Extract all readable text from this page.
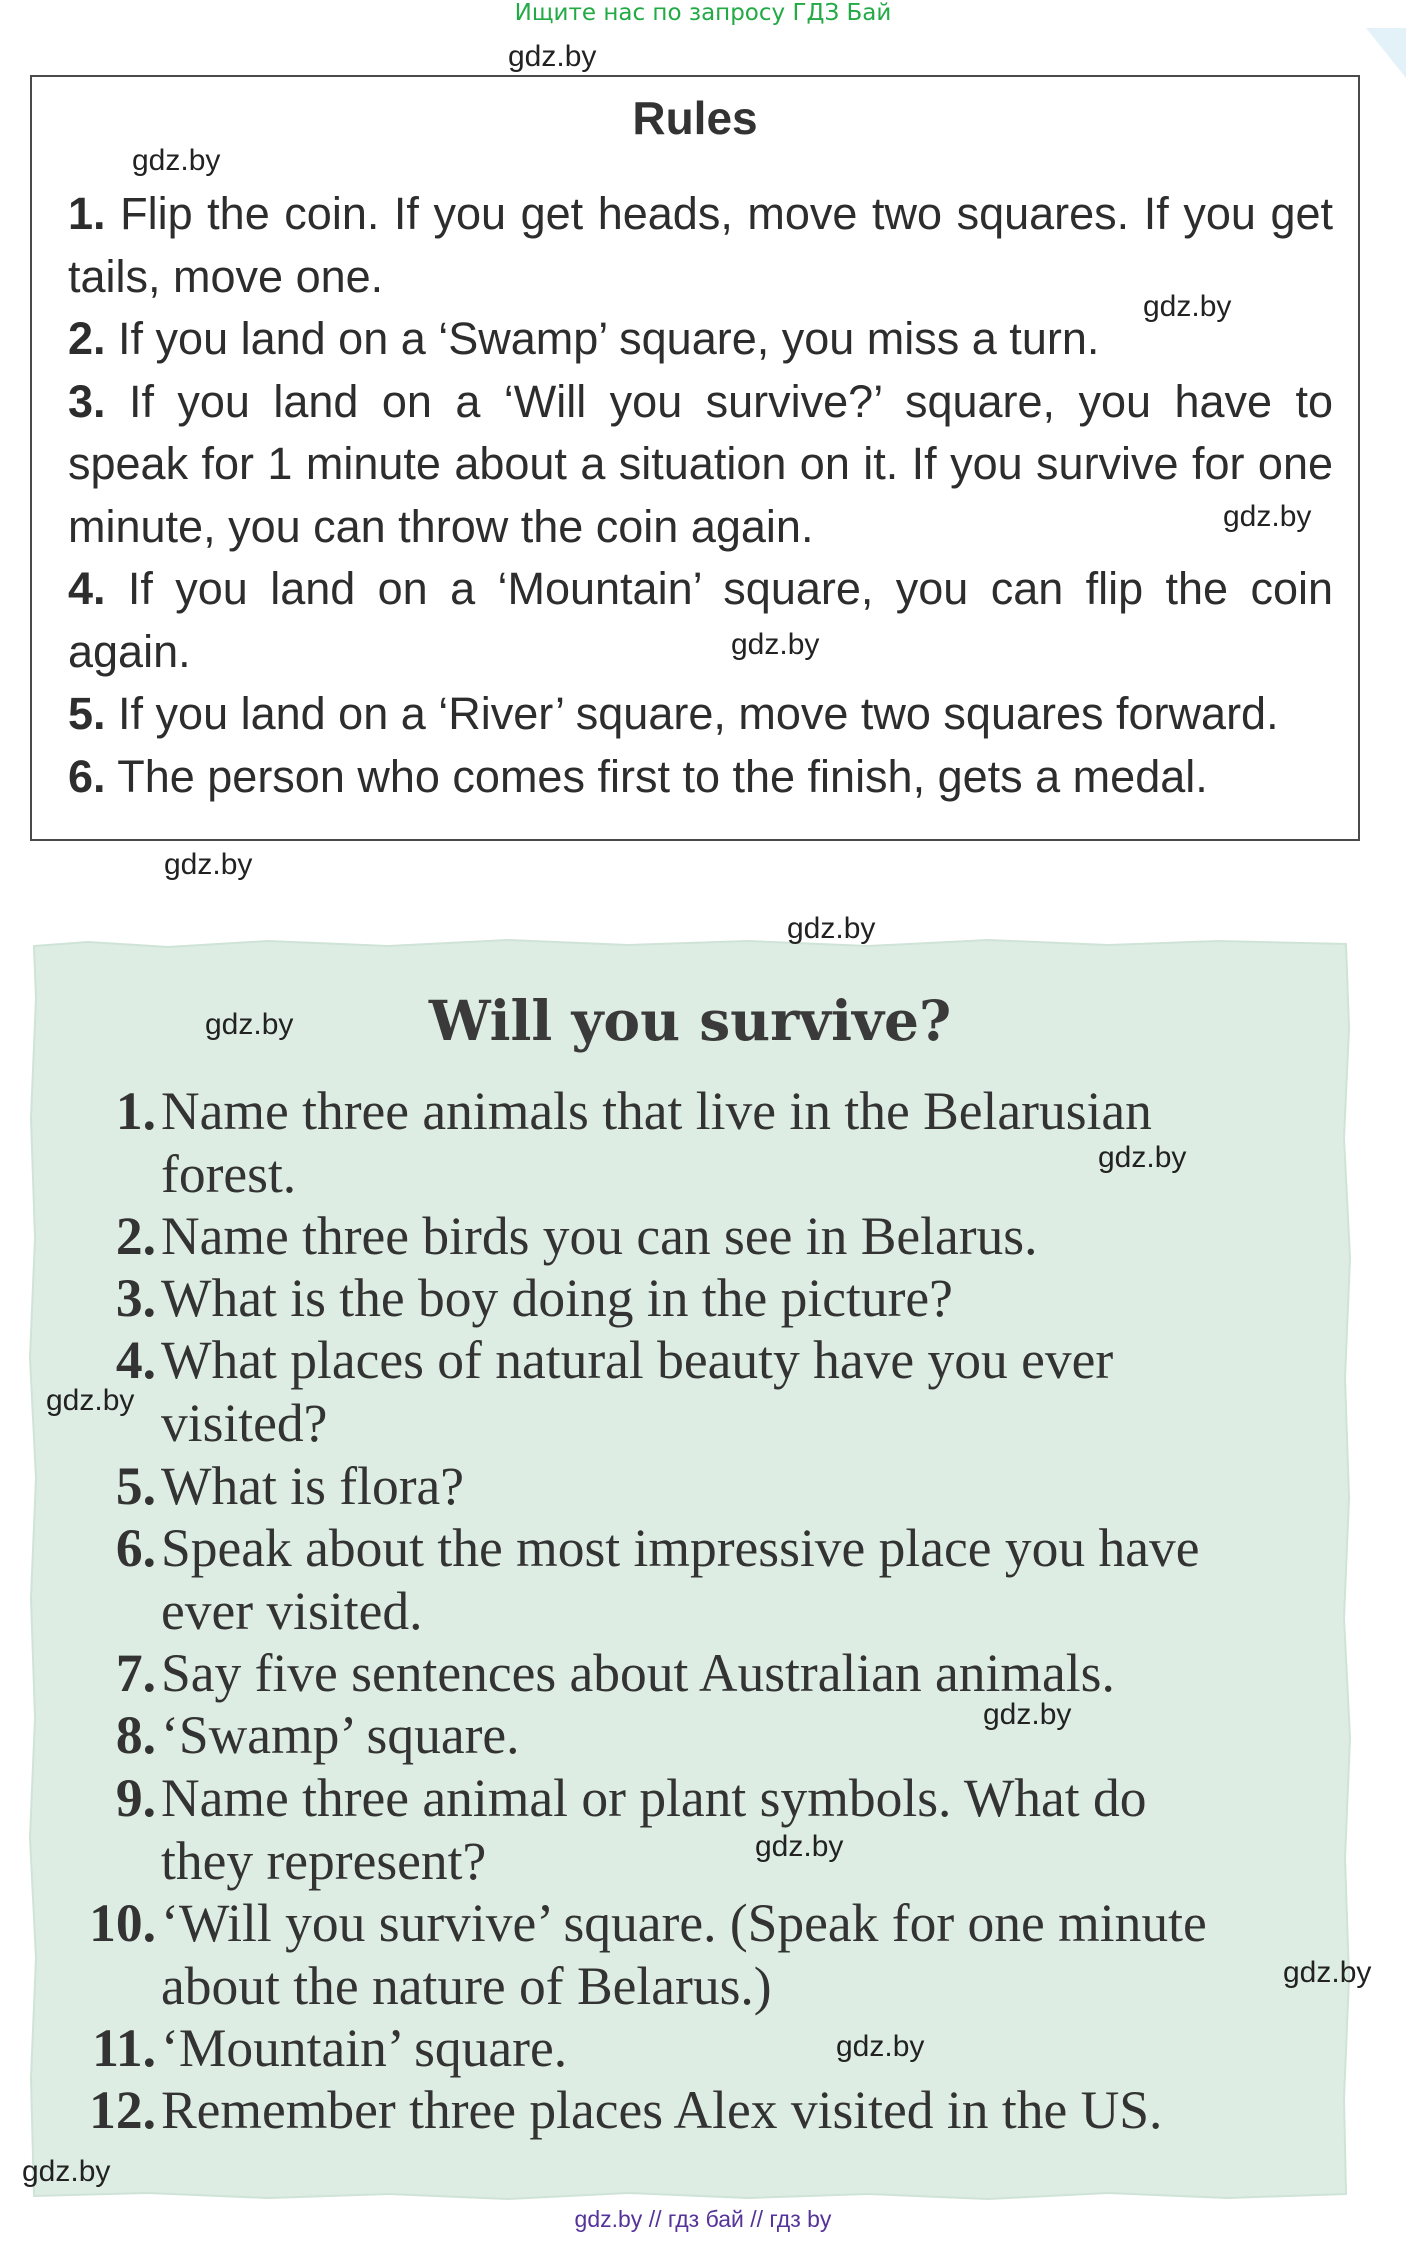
Ищите нас по запросу ГДЗ Бай
Rules
1. Flip the coin. If you get heads, move two squares. If you get tails, move one.
2. If you land on a ‘Swamp’ square, you miss a turn.
3. If you land on a ‘Will you survive?’ square, you have to speak for 1 minute about a situation on it. If you survive for one minute, you can throw the coin again.
4. If you land on a ‘Mountain’ square, you can flip the coin again.
5. If you land on a ‘River’ square, move two squares forward.
6. The person who comes first to the finish, gets a medal.
Will you survive?
1. Name three animals that live in the Belarusian
forest.
2. Name three birds you can see in Belarus.
3. What is the boy doing in the picture?
4. What places of natural beauty have you ever
visited?
5. What is flora?
6. Speak about the most impressive place you have
ever visited.
7. Say five sentences about Australian animals.
8. ‘Swamp’ square.
9. Name three animal or plant symbols. What do
they represent?
10. ‘Will you survive’ square. (Speak for one minute
about the nature of Belarus.)
11. ‘Mountain’ square.
12. Remember three places Alex visited in the US.
gdz.by
gdz.by
gdz.by
gdz.by
gdz.by
gdz.by
gdz.by
gdz.by
gdz.by
gdz.by
gdz.by
gdz.by
gdz.by
gdz.by
gdz.by
gdz.by // гдз бай // гдз by
